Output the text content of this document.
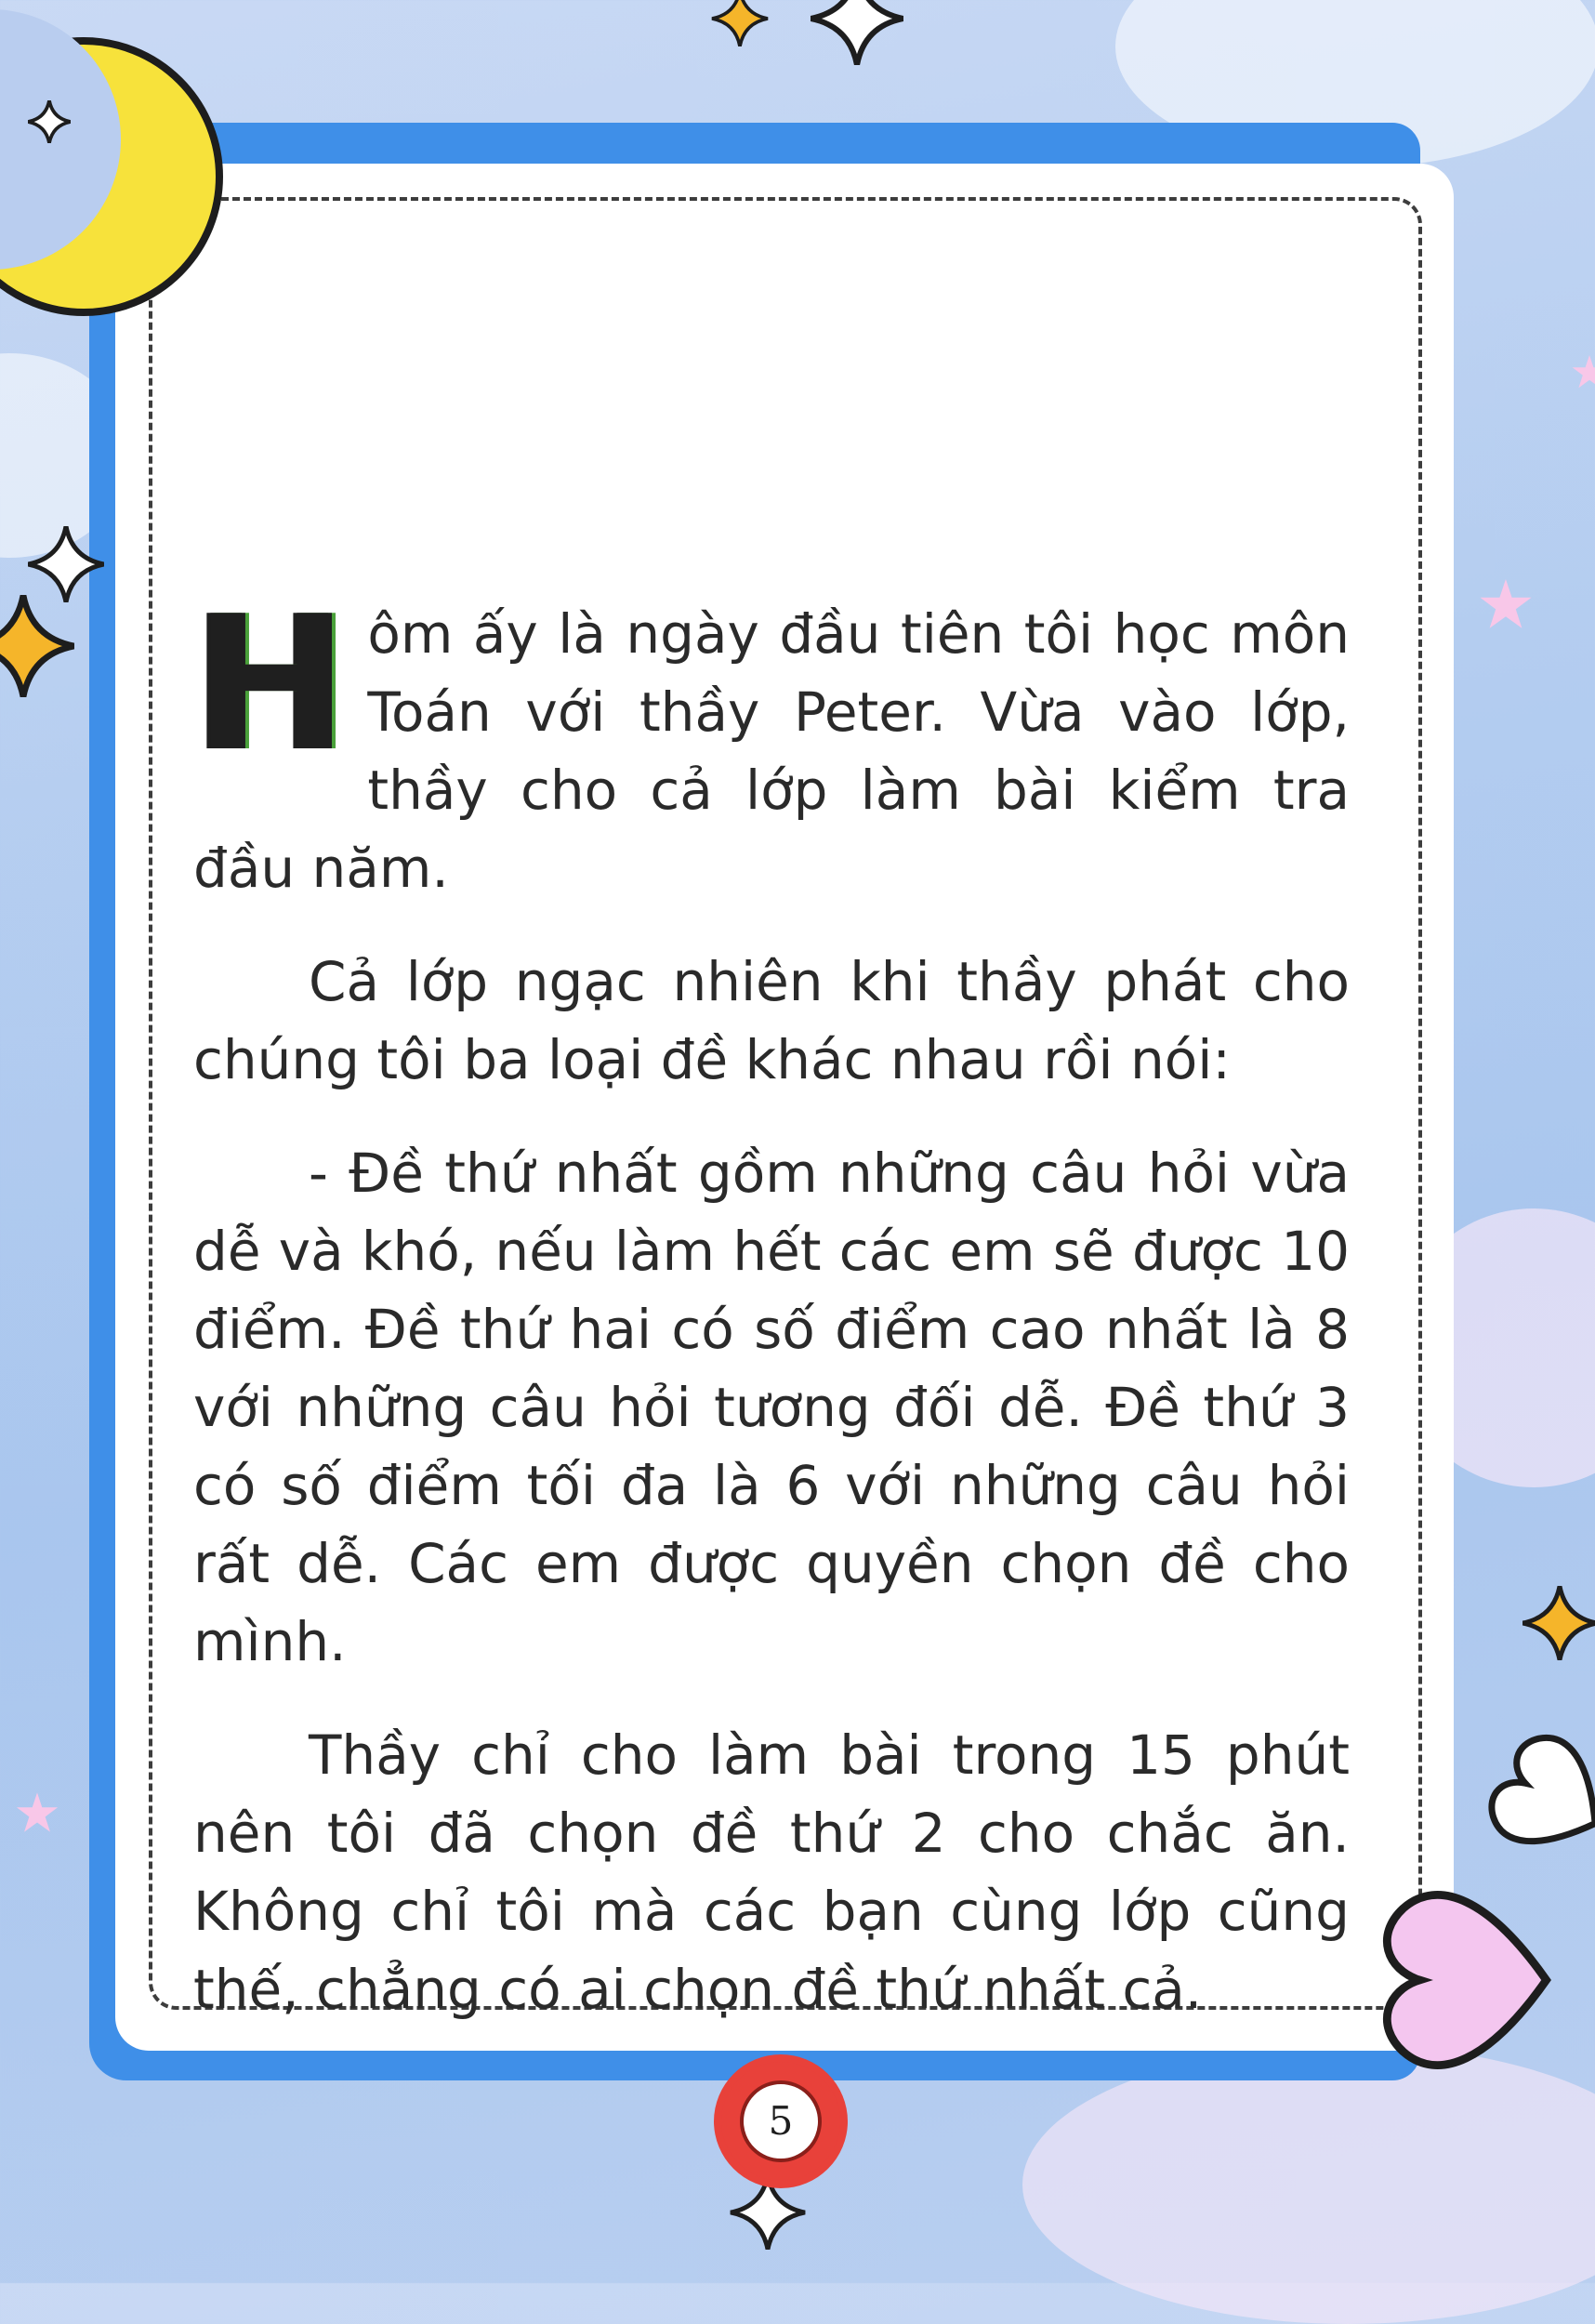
H ôm ấy là ngày đầu tiên tôi học môn Toán với thầy Peter. Vừa vào lớp, thầy cho cả lớp làm bài kiểm tra đầu năm.

Cả lớp ngạc nhiên khi thầy phát cho chúng tôi ba loại đề khác nhau rồi nói:

- Đề thứ nhất gồm những câu hỏi vừa dễ và khó, nếu làm hết các em sẽ được 10 điểm. Đề thứ hai có số điểm cao nhất là 8 với những câu hỏi tương đối dễ. Đề thứ 3 có số điểm tối đa là 6 với những câu hỏi rất dễ. Các em được quyền chọn đề cho mình.

Thầy chỉ cho làm bài trong 15 phút nên tôi đã chọn đề thứ 2 cho chắc ăn. Không chỉ tôi mà các bạn cùng lớp cũng thế, chẳng có ai chọn đề thứ nhất cả.

5
